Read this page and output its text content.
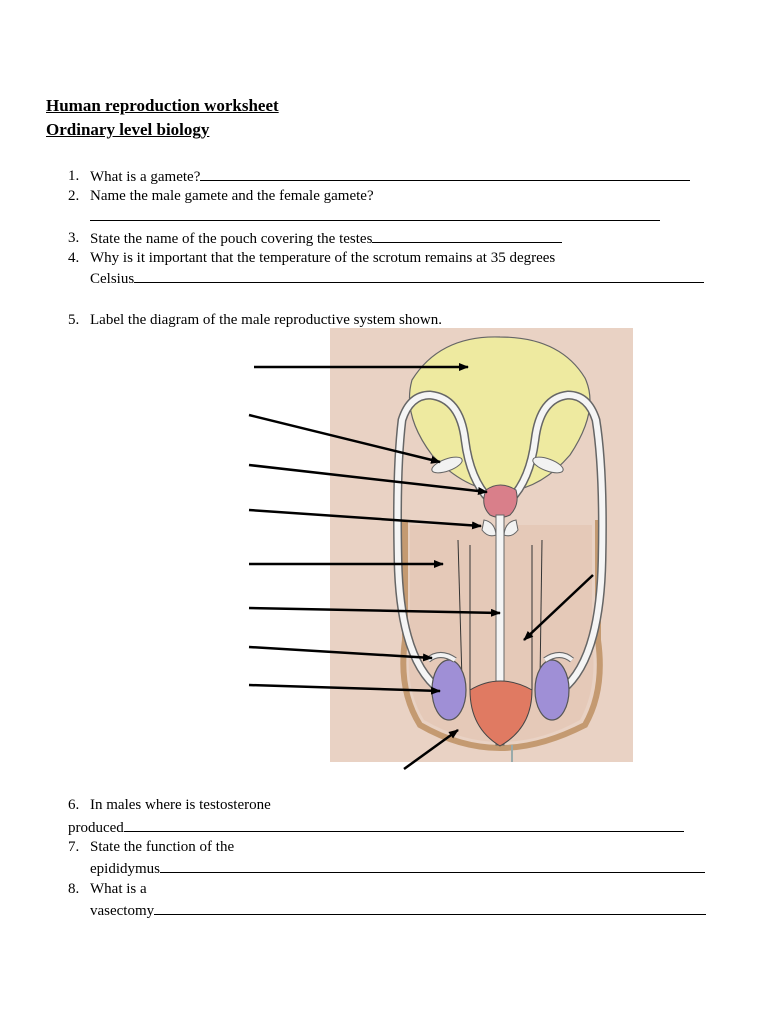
Human reproduction worksheet
Ordinary level biology
1. What is a gamete?
2. Name the male gamete and the female gamete?
3. State the name of the pouch covering the testes
4. Why is it important that the temperature of the scrotum remains at 35 degrees
Celsius
5. Label the diagram of the male reproductive system shown.
6. In males where is testosterone
produced
7. State the function of the
epididymus
8. What is a
vasectomy
